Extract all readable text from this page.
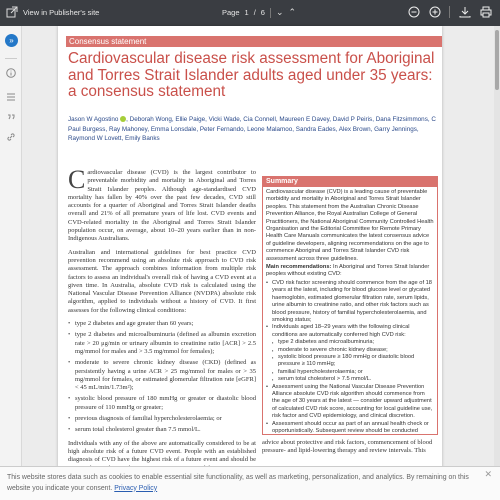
View in Publisher's site	Page 1 / 6 ⌄ ⌃
»	Consensus statement
Cardiovascular disease risk assessment for Aboriginal and Torres Strait Islander adults aged under 35 years: a consensus statement
Jason W Agostino , Deborah Wong, Ellie Paige, Vicki Wade, Cia Connell, Maureen E Davey, David P Peiris, Dana Fitzsimmons, C Paul Burgess, Ray Mahoney, Emma Lonsdale, Peter Fernando, Leone Malamoo, Sandra Eades, Alex Brown, Garry Jennings, Raymond W Lovett, Emily Banks

Cardiovascular disease (CVD) is the largest contributor to preventable morbidity and mortality in Aboriginal and Torres Strait Islander peoples. Although age-standardised CVD mortality has fallen by 40% over the past few decades, CVD still accounts for a quarter of Aboriginal and Torres Strait Islander deaths overall and 21% of all premature years of life lost. CVD events and CVD-related mortality in the Aboriginal and Torres Strait Islander population occur, on average, about 10–20 years earlier than in non-Indigenous Australians.

Australian and international guidelines for best practice CVD prevention recommend using an absolute risk approach to CVD risk assessment. The approach combines information from multiple risk factors to assess an individual's overall risk of having a CVD event at a given time. In Australia, absolute CVD risk is calculated using the National Vascular Disease Prevention Alliance (NVDPA) absolute risk algorithm, applied to individuals without a history of CVD. It first assesses for the following clinical conditions:

• type 2 diabetes and age greater than 60 years;
• type 2 diabetes and microalbuminuria (defined as albumin excretion rate > 20 μg/min or urinary albumin to creatinine ratio [ACR] > 2.5 mg/mmol for males and > 3.5 mg/mmol for females);
• moderate to severe chronic kidney disease (CKD) (defined as persistently having a urine ACR > 25 mg/mmol for males or > 35 mg/mmol for females, or estimated glomerular filtration rate [eGFR] < 45 mL/min/1.73m²);
• systolic blood pressure of 180 mmHg or greater or diastolic blood pressure of 110 mmHg or greater;
• previous diagnosis of familial hypercholesterolaemia; or
• serum total cholesterol greater than 7.5 mmol/L.

Individuals with any of the above are automatically considered to be at high absolute risk of a future CVD event. People with an established diagnosis of CVD have the highest risk of a future event and should be

Summary

Cardiovascular disease (CVD) is a leading cause of preventable morbidity and mortality in Aboriginal and Torres Strait Islander peoples. This statement from the Australian Chronic Disease Prevention Alliance, the Royal Australian College of General Practitioners, the National Aboriginal Community Controlled Health Organisation and the Editorial Committee for Remote Primary Health Care Manuals communicates the latest consensus advice of guideline developers, aligning recommendations on the age to commence Aboriginal and Torres Strait Islander CVD risk assessment across three guidelines.

Main recommendations: In Aboriginal and Torres Strait Islander peoples without existing CVD:

• CVD risk factor screening should commence from the age of 18 years at the latest, including for blood glucose level or glycated haemoglobin, estimated glomerular filtration rate, serum lipids, urine albumin to creatinine ratio, and other risk factors such as blood pressure, history of familial hypercholesterolaemia, and smoking status;
• Individuals aged 18–29 years with the following clinical conditions are automatically conferred high CVD risk:
▪ type 2 diabetes and microalbuminuria;
▪ moderate to severe chronic kidney disease;
▪ systolic blood pressure ≥ 180 mmHg or diastolic blood pressure ≥ 110 mmHg;
▪ familial hypercholesterolaemia; or
▪ serum total cholesterol > 7.5 mmol/L.
• Assessment using the National Vascular Disease Prevention Alliance absolute CVD risk algorithm should commence from the age of 30 years at the latest — consider upward adjustment of calculated CVD risk score, accounting for local guideline use, risk factor and CVD epidemiology, and clinical discretion.
• Assessment should occur as part of an annual health check or opportunistically. Subsequent review should be conducted

advice about protective and risk factors, commencement of blood pressure- and lipid-lowering therapy and review intervals. This
This website stores data such as cookies to enable essential site functionality, as well as marketing, personalization, and analytics. By remaining on this website you indicate your consent. Privacy Policy
✕
